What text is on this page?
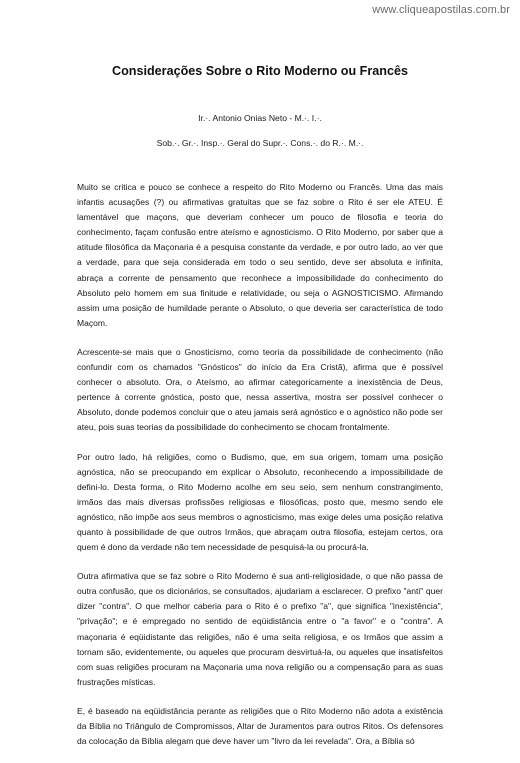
www.cliqueapostilas.com.br
Considerações Sobre o Rito Moderno ou Francês
Ir.·. Antonio Onias Neto - M.·. I.·.
Sob.·. Gr.·. Insp.·. Geral do Supr.·. Cons.·. do R.·. M.·.

Muito se critica e pouco se conhece a respeito do Rito Moderno ou Francês. Uma das mais infantis acusações (?) ou afirmativas gratuitas que se faz sobre o Rito é ser ele ATEU. É lamentável que maçons, que deveriam conhecer um pouco de filosofia e teoria do conhecimento, façam confusão entre ateísmo e agnosticismo. O Rito Moderno, por saber que a atitude filosófica da Maçonaria é a pesquisa constante da verdade, e por outro lado, ao ver que a verdade, para que seja considerada em todo o seu sentido, deve ser absoluta e infinita, abraça a corrente de pensamento que reconhece a impossibilidade do conhecimento do Absoluto pelo homem em sua finitude e relatividade, ou seja o AGNOSTICISMO. Afirmando assim uma posição de humildade perante o Absoluto, o que deveria ser característica de todo Maçom.

Acrescente-se mais que o Gnosticismo, como teoria da possibilidade de conhecimento (não confundir com os chamados "Gnósticos" do início da Era Cristã), afirma que é possível conhecer o absoluto. Ora, o Ateísmo, ao afirmar categoricamente a inexistência de Deus, pertence à corrente gnóstica, posto que, nessa assertiva, mostra ser possível conhecer o Absoluto, donde podemos concluir que o ateu jamais será agnóstico e o agnóstico não pode ser ateu, pois suas teorias da possibilidade do conhecimento se chocam frontalmente.

Por outro lado, há religiões, como o Budismo, que, em sua origem, tomam uma posição agnóstica, não se preocupando em explicar o Absoluto, reconhecendo a impossibilidade de defini-lo. Desta forma, o Rito Moderno acolhe em seu seio, sem nenhum constrangimento, irmãos das mais diversas profissões religiosas e filosóficas, posto que, mesmo sendo ele agnóstico, não impõe aos seus membros o agnosticismo, mas exige deles uma posição relativa quanto à possibilidade de que outros Irmãos, que abraçam outra filosofia, estejam certos, ora quem é dono da verdade não tem necessidade de pesquisá-la ou procurá-la.

Outra afirmativa que se faz sobre o Rito Moderno é sua anti-religiosidade, o que não passa de outra confusão, que os dicionários, se consultados, ajudariam a esclarecer. O prefixo "anti" quer dizer "contra". O que melhor caberia para o Rito é o prefixo "a", que significa "inexistência", "privação"; e é empregado no sentido de eqüidistância entre o "a favor" e o "contra". A maçonaria é eqüidistante das religiões, não é uma seita religiosa, e os Irmãos que assim a tornam são, evidentemente, ou aqueles que procuram desvirtuá-la, ou aqueles que insatisfeitos com suas religiões procuram na Maçonaria uma nova religião ou a compensação para as suas frustrações místicas.

E, é baseado na eqüidistância perante as religiões que o Rito Moderno não adota a existência da Bíblia no Triângulo de Compromissos, Altar de Juramentos para outros Ritos. Os defensores da colocação da Bíblia alegam que deve haver um "livro da lei revelada". Ora, a Bíblia só
